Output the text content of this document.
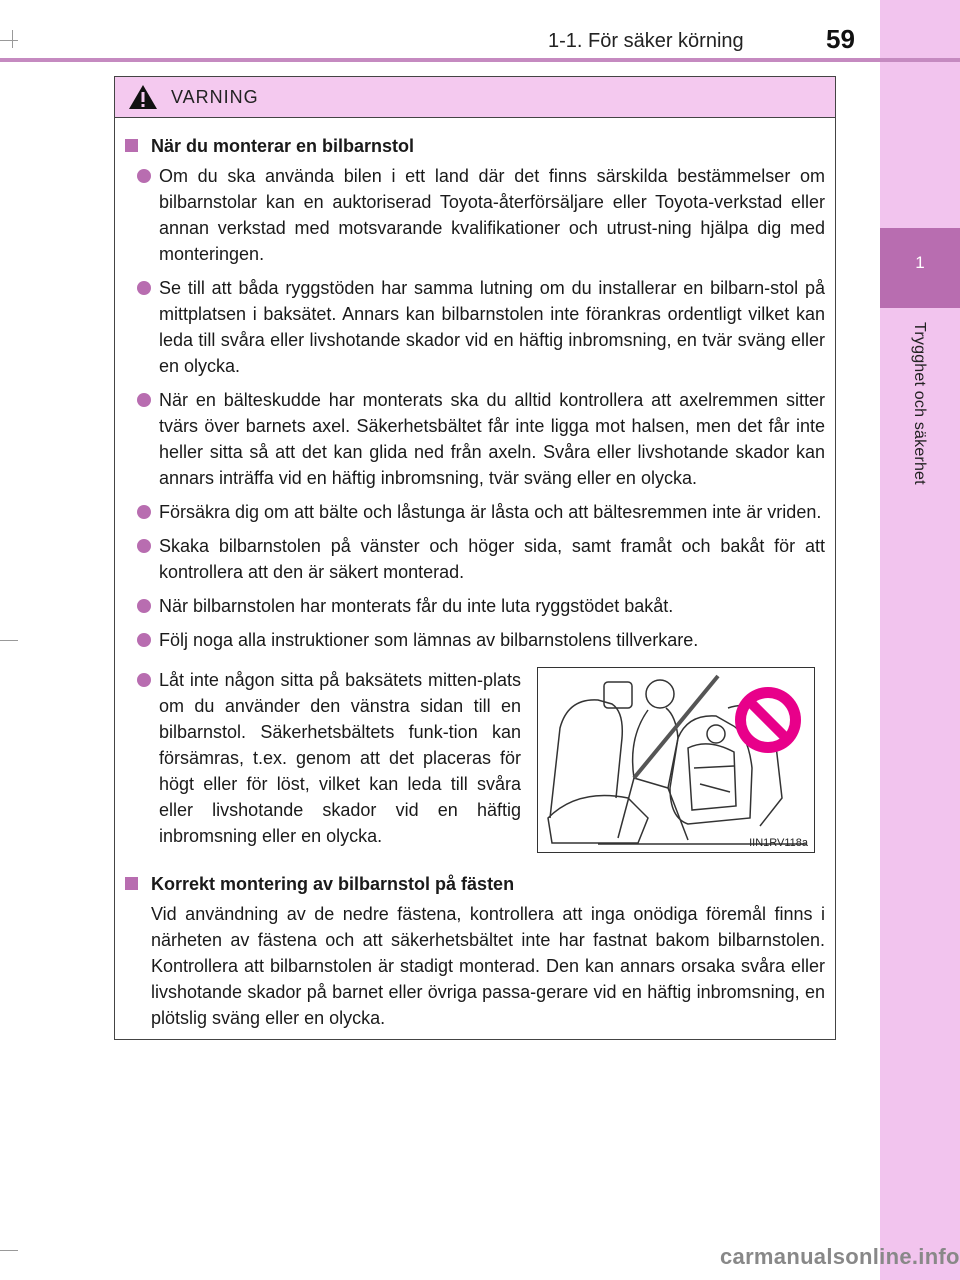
1
Trygghet och säkerhet
1-1. För säker körning	59
VARNING
När du monterar en bilbarnstol
Om du ska använda bilen i ett land där det finns särskilda bestämmelser om bilbarnstolar kan en auktoriserad Toyota-återförsäljare eller Toyota-verkstad eller annan verkstad med motsvarande kvalifikationer och utrust-ning hjälpa dig med monteringen.
Se till att båda ryggstöden har samma lutning om du installerar en bilbarn-stol på mittplatsen i baksätet. Annars kan bilbarnstolen inte förankras ordentligt vilket kan leda till svåra eller livshotande skador vid en häftig inbromsning, en tvär sväng eller en olycka.
När en bälteskudde har monterats ska du alltid kontrollera att axelremmen sitter tvärs över barnets axel. Säkerhetsbältet får inte ligga mot halsen, men det får inte heller sitta så att det kan glida ned från axeln. Svåra eller livshotande skador kan annars inträffa vid en häftig inbromsning, tvär sväng eller en olycka.
Försäkra dig om att bälte och låstunga är låsta och att bältesremmen inte är vriden.
Skaka bilbarnstolen på vänster och höger sida, samt framåt och bakåt för att kontrollera att den är säkert monterad.
När bilbarnstolen har monterats får du inte luta ryggstödet bakåt.
Följ noga alla instruktioner som lämnas av bilbarnstolens tillverkare.
Låt inte någon sitta på baksätets mitten-plats om du använder den vänstra sidan till en bilbarnstol. Säkerhetsbältets funk-tion kan försämras, t.ex. genom att det placeras för högt eller för löst, vilket kan leda till svåra eller livshotande skador vid en häftig inbromsning eller en olycka.	IIN1RV118a
Korrekt montering av bilbarnstol på fästen
Vid användning av de nedre fästena, kontrollera att inga onödiga föremål finns i närheten av fästena och att säkerhetsbältet inte har fastnat bakom bilbarnstolen. Kontrollera att bilbarnstolen är stadigt monterad. Den kan annars orsaka svåra eller livshotande skador på barnet eller övriga passa-gerare vid en häftig inbromsning, en plötslig sväng eller en olycka.
carmanualsonline.info
